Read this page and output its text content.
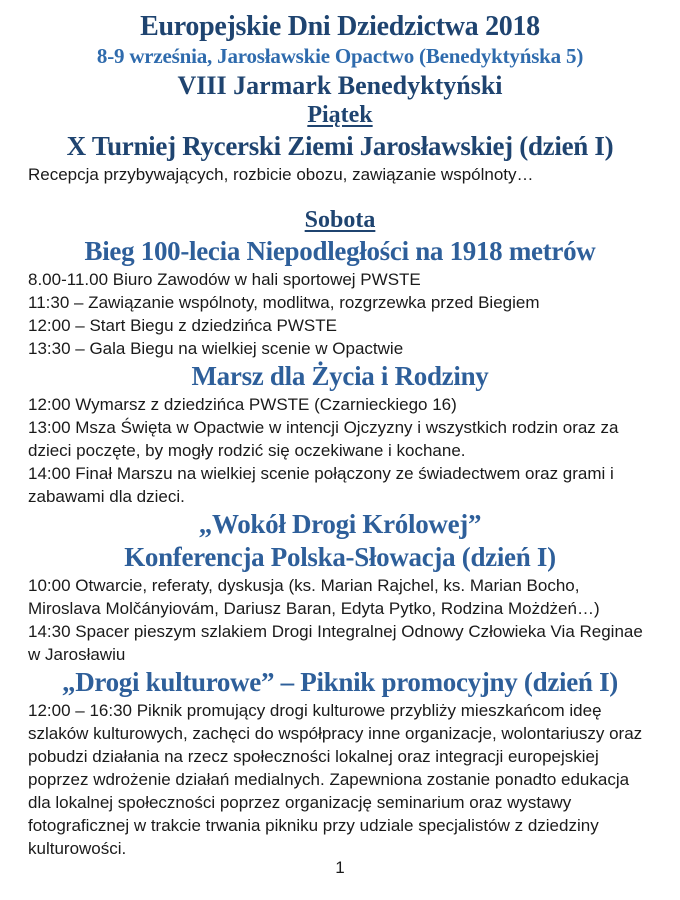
Europejskie Dni Dziedzictwa 2018
8-9 września, Jarosławskie Opactwo (Benedyktyńska 5)
VIII Jarmark Benedyktyński
Piątek
X Turniej Rycerski Ziemi Jarosławskiej (dzień I)

Recepcja przybywających, rozbicie obozu, zawiązanie wspólnoty…

Sobota
Bieg 100-lecia Niepodległości na 1918 metrów

8.00-11.00 Biuro Zawodów w hali sportowej PWSTE

11:30 – Zawiązanie wspólnoty, modlitwa, rozgrzewka przed Biegiem

12:00 – Start Biegu z dziedzińca PWSTE

13:30 – Gala Biegu na wielkiej scenie w Opactwie

Marsz dla Życia i Rodziny

12:00 Wymarsz z dziedzińca PWSTE (Czarnieckiego 16)

13:00 Msza Święta w Opactwie w intencji Ojczyzny i wszystkich rodzin oraz za dzieci poczęte, by mogły rodzić się oczekiwane i kochane.

14:00 Finał Marszu na wielkiej scenie połączony ze świadectwem oraz grami i zabawami dla dzieci.

„Wokół Drogi Królowej”
Konferencja Polska-Słowacja (dzień I)

10:00 Otwarcie, referaty, dyskusja (ks. Marian Rajchel, ks. Marian Bocho, Miroslava Molčányiovám, Dariusz Baran, Edyta Pytko, Rodzina Możdżeń…)

14:30 Spacer pieszym szlakiem Drogi Integralnej Odnowy Człowieka Via Reginae w Jarosławiu

„Drogi kulturowe” – Piknik promocyjny (dzień I)

12:00 – 16:30 Piknik promujący drogi kulturowe przybliży mieszkańcom ideę szlaków kulturowych, zachęci do współpracy inne organizacje, wolontariuszy oraz pobudzi działania na rzecz społeczności lokalnej oraz integracji europejskiej poprzez wdrożenie działań medialnych. Zapewniona zostanie ponadto edukacja dla lokalnej społeczności poprzez organizację seminarium oraz wystawy fotograficznej w trakcie trwania pikniku przy udziale specjalistów z dziedziny kulturowości.

1
